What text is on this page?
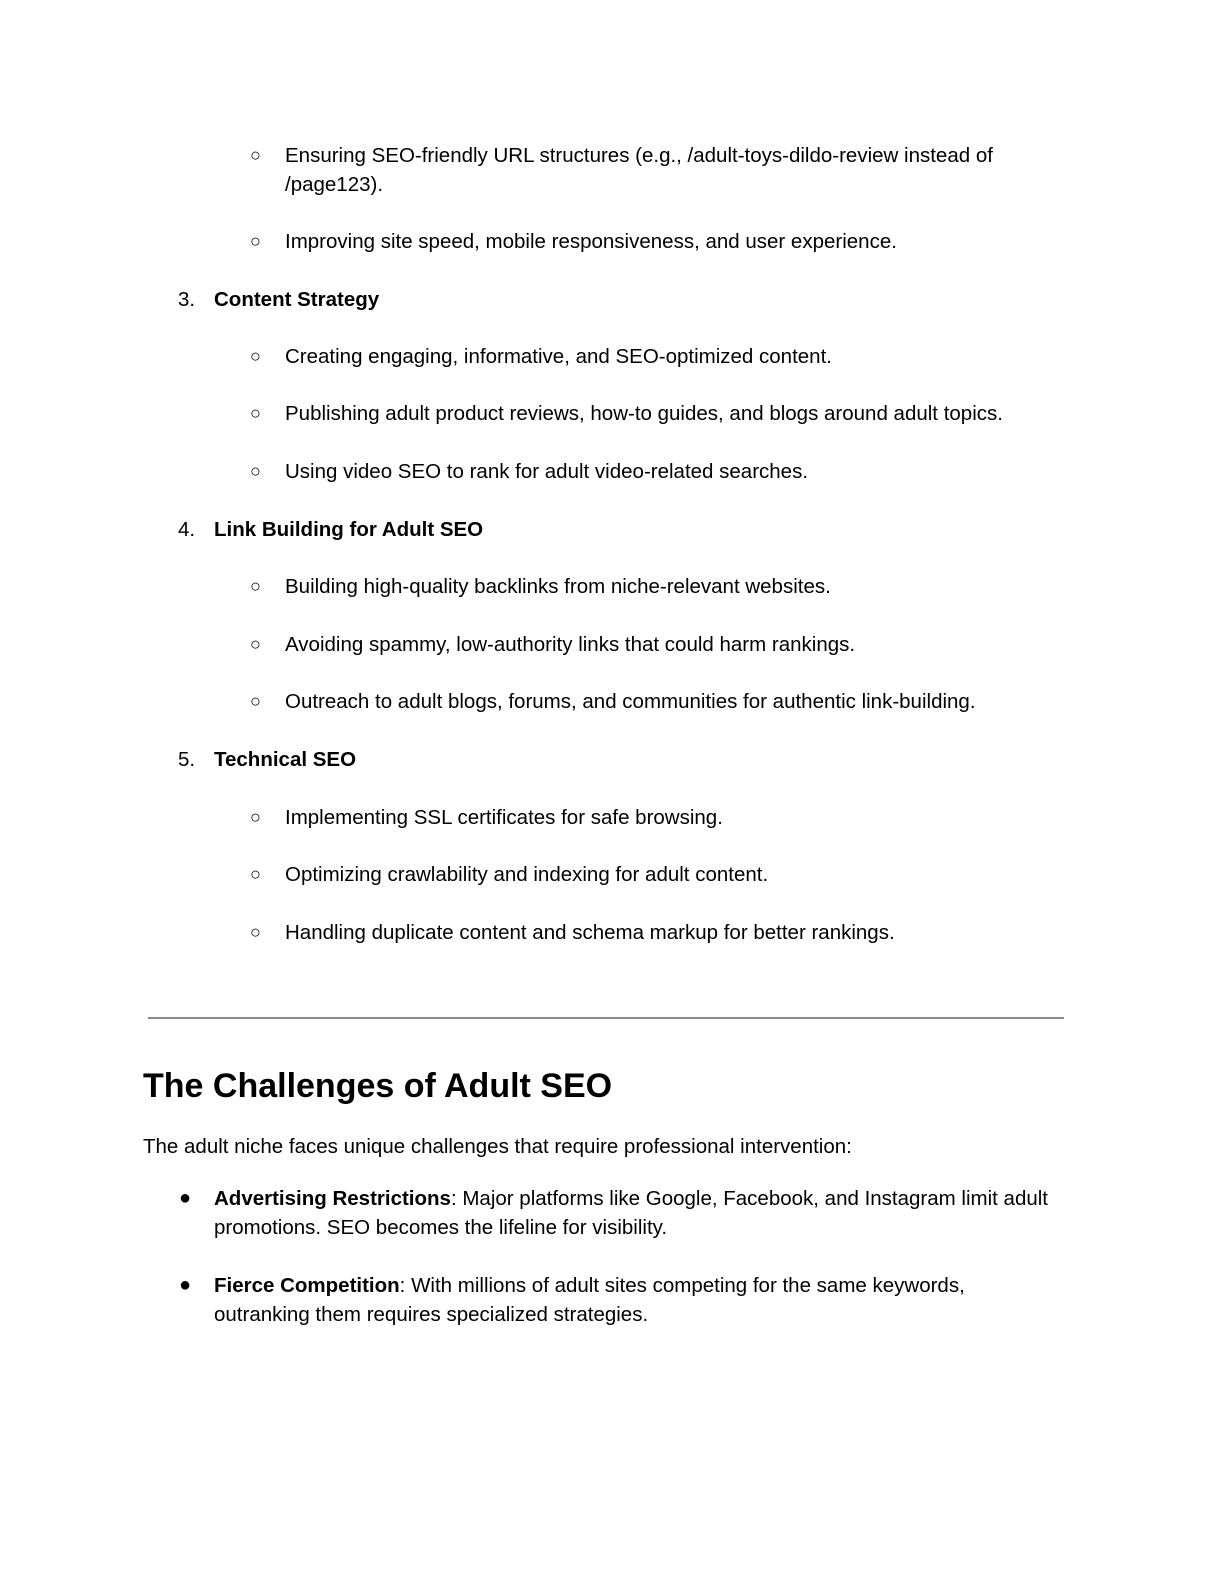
○ Ensuring SEO-friendly URL structures (e.g., /adult-toys-dildo-review instead of /page123).
○ Improving site speed, mobile responsiveness, and user experience.
3. Content Strategy
○ Creating engaging, informative, and SEO-optimized content.
○ Publishing adult product reviews, how-to guides, and blogs around adult topics.
○ Using video SEO to rank for adult video-related searches.
4. Link Building for Adult SEO
○ Building high-quality backlinks from niche-relevant websites.
○ Avoiding spammy, low-authority links that could harm rankings.
○ Outreach to adult blogs, forums, and communities for authentic link-building.
5. Technical SEO
○ Implementing SSL certificates for safe browsing.
○ Optimizing crawlability and indexing for adult content.
○ Handling duplicate content and schema markup for better rankings.
The Challenges of Adult SEO
The adult niche faces unique challenges that require professional intervention:
● Advertising Restrictions: Major platforms like Google, Facebook, and Instagram limit adult promotions. SEO becomes the lifeline for visibility.
● Fierce Competition: With millions of adult sites competing for the same keywords, outranking them requires specialized strategies.
